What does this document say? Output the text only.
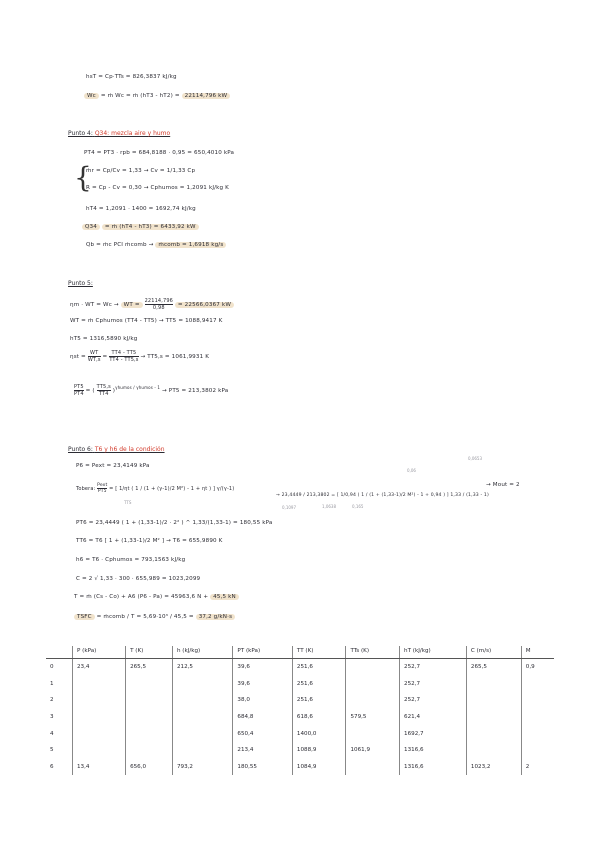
hsT = Cp·TTs = 826,3837 kJ/kg
Wc = ṁ Wc = ṁ (hT3 - hT2) = 22114,796 kW
Punto 4: Q34: mezcla aire y humo
PT4 = PT3 · rpb = 684,8188 · 0,95 = 650,4010 kPa
{
ṁr = Cp/Cv = 1,33 → Cv = 1/1,33 Cp
R = Cp - Cv = 0,30 → Cphumos = 1,2091 kJ/kg K
hT4 = 1,2091 · 1400 = 1692,74 kJ/kg
Q34 = ṁ (hT4 - hT3) = 6433,92 kW
Qb = ṁc PCI ṁcomb → ṁcomb = 1,6918 kg/s
Punto 5:
ηm · WT = Wc → WT = $\frac{22114,796}{0,98} = 22566,0367$ kW
WT = ṁ Cphumos (TT4 - TT5) → TT5 = 1088,9417 K
hT5 = 1316,5890 kJ/kg
$\eta st = \frac{WT}{WT,s} = \frac{TT4 - TT5}{TT4 - TT5,s} \to TT5,s = 1061,9931$ K
$\frac{PT5}{PT4}$ = ( $\frac{TT5,s}{TT4} )^{\gamma humos / \gamma humos - 1} \to PT5 = 213,3802$ kPa
Punto 6: T6 y h6 de la condición
P6 = Pext = 23,4149 kPa
Tobera:
Pext
PT5 = [ 1/ηt ( 1 / (1 + (γ-1)/2 M²) - 1 + ηt ) ] γ/(γ-1)
→ 23,4449 / 213,3802 = [ 1/0,94 ( 1 / (1 + (1,33-1)/2 M²) - 1 + 0,94 ) ] 1,33 / (1,33 - 1)
→ Mout = 2
0,06
0,0653
0,1097	1,0638	0,165
TTS
PT6 = 23,4449 ( 1 + (1,33-1)/2 · 2² ) ^ 1,33/(1,33-1) = 180,55 kPa
TT6 = T6 [ 1 + (1,33-1)/2 M² ] → T6 = 655,9890 K
h6 = T6 · Cphumos = 793,1563 kJ/kg
C = 2 √ 1,33 · 300 · 655,989 = 1023,2099
T = ṁ (Cs - Co) + A6 (P6 - Pa) = 45963,6 N + 45,5 kN
TSFC = ṁcomb / T = 5,69·10³ / 45,5 = 37,2 g/kN·s
	P (kPa)	T (K)	h (kJ/kg)	PT (kPa)	TT (K)	TTs (K)	hT (kJ/kg)	C (m/s)	M
0	23,4	265,5	212,5	39,6	251,6		252,7	265,5	0,9
1				39,6	251,6		252,7		
2				38,0	251,6		252,7		
3				684,8	618,6	579,5	621,4		
4				650,4	1400,0		1692,7		
5				213,4	1088,9	1061,9	1316,6		
6	13,4	656,0	793,2	180,55	1084,9		1316,6	1023,2	2
